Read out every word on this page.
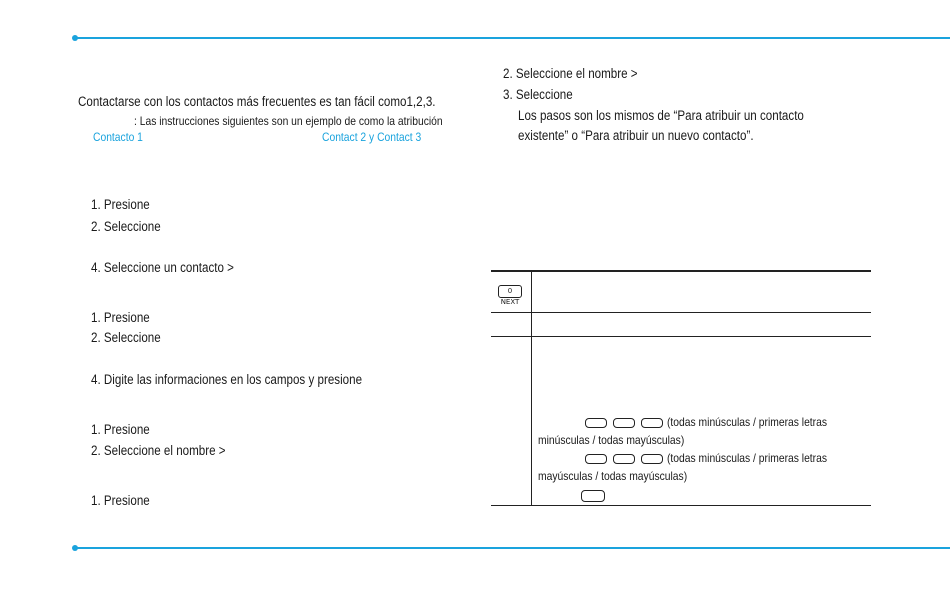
Contactarse con los contactos más frecuentes es tan fácil como1,2,3.
: Las instrucciones siguientes son un ejemplo de como la atribución
Contacto 1	Contact 2 y Contact 3
1. Presione
2. Seleccione
4. Seleccione un contacto >
1. Presione
2. Seleccione
4. Digite las informaciones en los campos y presione
1. Presione
2. Seleccione el nombre >
1. Presione
2. Seleccione el nombre >
3. Seleccione
Los pasos son los mismos de “Para atribuir un contacto
existente” o “Para atribuir un nuevo contacto”.
0 NEXT
(todas minúsculas / primeras letras
minúsculas / todas mayúsculas)
(todas minúsculas / primeras letras
mayúsculas / todas mayúsculas)
